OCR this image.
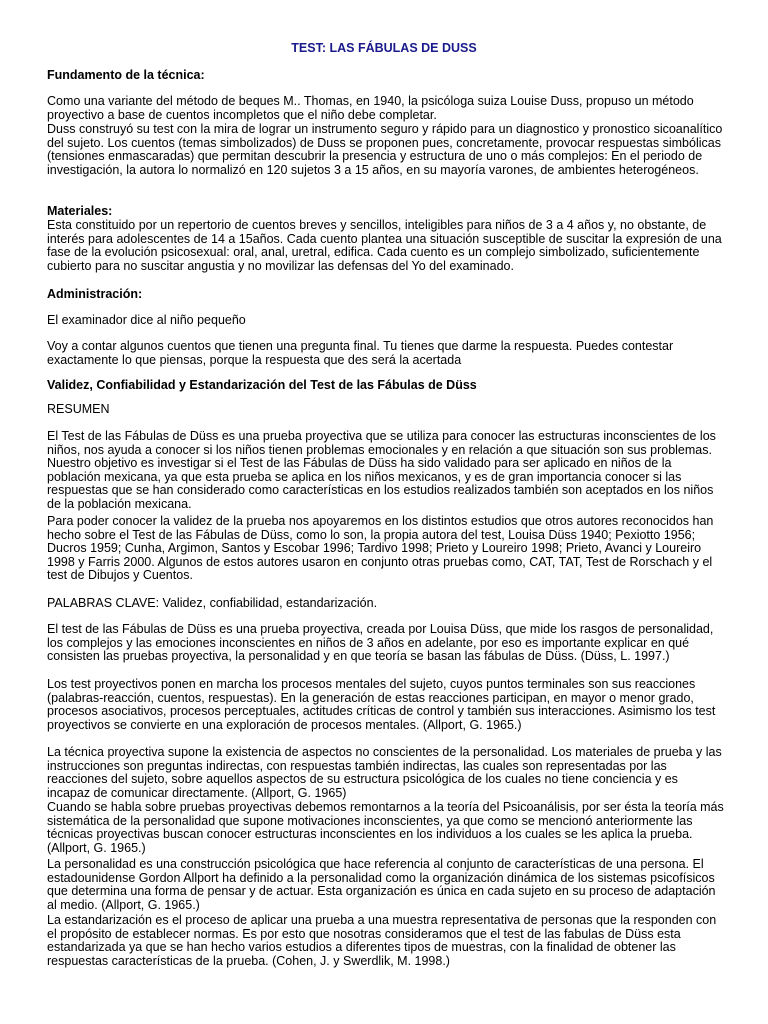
TEST: LAS FÁBULAS DE DUSS
Fundamento de la técnica:
Como una variante del método de beques M.. Thomas, en 1940, la psicóloga suiza Louise Duss, propuso un método proyectivo a base de cuentos incompletos que el niño debe completar.
Duss construyó su test con la mira de lograr un instrumento seguro y rápido para un diagnostico y pronostico sicoanalítico del sujeto. Los cuentos (temas simbolizados) de Duss se proponen pues, concretamente, provocar respuestas simbólicas (tensiones enmascaradas) que permitan descubrir la presencia y estructura de uno o más complejos: En el periodo de investigación, la autora lo normalizó en 120 sujetos 3 a 15 años, en su mayoría varones, de ambientes heterogéneos.
Materiales:
Esta constituido por un repertorio de cuentos breves y sencillos, inteligibles para niños de 3 a 4 años y, no obstante, de interés para adolescentes de 14 a 15años. Cada cuento plantea una situación susceptible de suscitar la expresión de una fase de la evolución psicosexual: oral, anal, uretral, edifica. Cada cuento es un complejo simbolizado, suficientemente cubierto para no suscitar angustia y no movilizar las defensas del Yo del examinado.
Administración:
El examinador dice al niño pequeño
Voy a contar algunos cuentos que tienen una pregunta final. Tu tienes que darme la respuesta. Puedes contestar exactamente lo que piensas, porque la respuesta que des será la acertada
Validez, Confiabilidad y Estandarización del Test de las Fábulas de Düss
RESUMEN
El Test de las Fábulas de Düss es una prueba proyectiva que se utiliza para conocer las estructuras inconscientes de los niños, nos ayuda a conocer si los niños tienen problemas emocionales y en relación a que situación son sus problemas. Nuestro objetivo es investigar si el Test de las Fábulas de Düss ha sido validado para ser aplicado en niños de la población mexicana, ya que esta prueba se aplica en los niños mexicanos, y es de gran importancia conocer si las respuestas que se han considerado como características en los estudios realizados también son aceptados en los niños de la población mexicana.
Para poder conocer la validez de la prueba nos apoyaremos en los distintos estudios que otros autores reconocidos han hecho sobre el Test de las Fábulas de Düss, como lo son, la propia autora del test, Louisa Düss 1940; Pexiotto 1956; Ducros 1959; Cunha, Argimon, Santos y Escobar 1996; Tardivo 1998; Prieto y Loureiro 1998; Prieto, Avanci y Loureiro 1998 y Farris 2000. Algunos de estos autores usaron en conjunto otras pruebas como, CAT, TAT, Test de Rorschach y el test de Dibujos y Cuentos.
PALABRAS CLAVE: Validez, confiabilidad, estandarización.
El test de las Fábulas de Düss es una prueba proyectiva, creada por Louisa Düss, que mide los rasgos de personalidad, los complejos y las emociones inconscientes en niños de 3 años en adelante, por eso es importante explicar en qué consisten las pruebas proyectiva, la personalidad y en que teoría se basan las fábulas de Düss. (Düss, L. 1997.)
Los test proyectivos ponen en marcha los procesos mentales del sujeto, cuyos puntos terminales son sus reacciones (palabras-reacción, cuentos, respuestas). En la generación de estas reacciones participan, en mayor o menor grado, procesos asociativos, procesos perceptuales, actitudes críticas de control y también sus interacciones. Asimismo los test proyectivos se convierte en una exploración de procesos mentales. (Allport, G. 1965.)
La técnica proyectiva supone la existencia de aspectos no conscientes de la personalidad. Los materiales de prueba y las instrucciones son preguntas indirectas, con respuestas también indirectas, las cuales son representadas por las reacciones del sujeto, sobre aquellos aspectos de su estructura psicológica de los cuales no tiene conciencia y es incapaz de comunicar directamente. (Allport, G. 1965)
Cuando se habla sobre pruebas proyectivas debemos remontarnos a la teoría del Psicoanálisis, por ser ésta la teoría más sistemática de la personalidad que supone motivaciones inconscientes, ya que como se mencionó anteriormente las técnicas proyectivas buscan conocer estructuras inconscientes en los individuos a los cuales se les aplica la prueba. (Allport, G. 1965.)
La personalidad es una construcción psicológica que hace referencia al conjunto de características de una persona. El estadounidense Gordon Allport ha definido a la personalidad como la organización dinámica de los sistemas psicofísicos que determina una forma de pensar y de actuar. Esta organización es única en cada sujeto en su proceso de adaptación al medio. (Allport, G. 1965.)
La estandarización es el proceso de aplicar una prueba a una muestra representativa de personas que la responden con el propósito de establecer normas. Es por esto que nosotras consideramos que el test de las fabulas de Düss esta estandarizada ya que se han hecho varios estudios a diferentes tipos de muestras, con la finalidad de obtener las respuestas características de la prueba. (Cohen, J. y Swerdlik, M. 1998.)
